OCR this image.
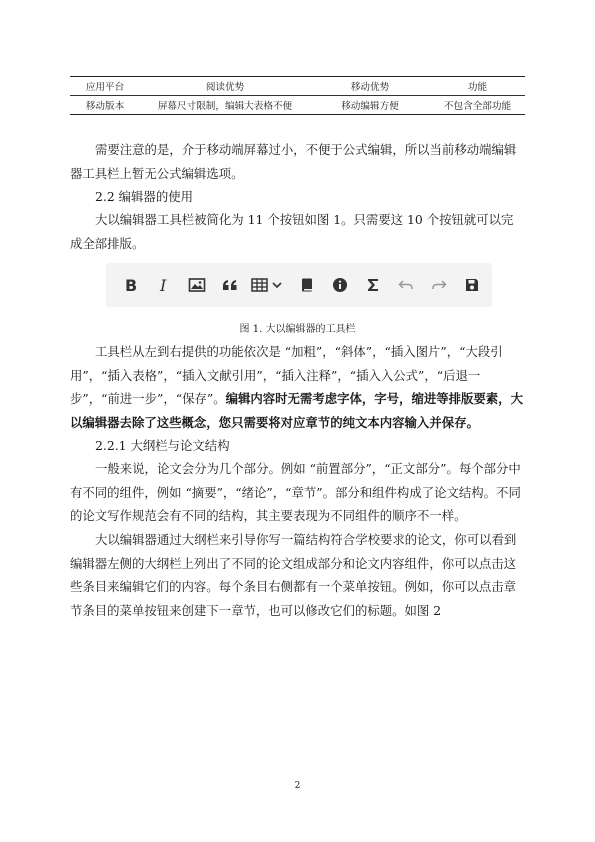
应用平台	阅读优势	移动优势	功能
移动版本	屏幕尺寸限制，编辑大表格不便	移动编辑方便	不包含全部功能
需要注意的是，介于移动端屏幕过小，不便于公式编辑，所以当前移动端编辑器工具栏上暂无公式编辑选项。
2.2 编辑器的使用
大以编辑器工具栏被简化为 11 个按钮如图 1。只需要这 10 个按钮就可以完成全部排版。
B I
图 1. 大以编辑器的工具栏
工具栏从左到右提供的功能依次是 “加粗”，“斜体”，“插入图片”，“大段引用”，“插入表格”，“插入文献引用”，“插入注释”，“插入入公式”，“后退一步”，“前进一步”，“保存”。编辑内容时无需考虑字体，字号，缩进等排版要素，大以编辑器去除了这些概念，您只需要将对应章节的纯文本内容输入并保存。
2.2.1 大纲栏与论文结构
一般来说，论文会分为几个部分。例如 “前置部分”，“正文部分”。每个部分中有不同的组件，例如 “摘要”，“绪论”，“章节”。部分和组件构成了论文结构。不同的论文写作规范会有不同的结构，其主要表现为不同组件的顺序不一样。
大以编辑器通过大纲栏来引导你写一篇结构符合学校要求的论文，你可以看到编辑器左侧的大纲栏上列出了不同的论文组成部分和论文内容组件，你可以点击这些条目来编辑它们的内容。每个条目右侧都有一个菜单按钮。例如，你可以点击章节条目的菜单按钮来创建下一章节，也可以修改它们的标题。如图 2
2
